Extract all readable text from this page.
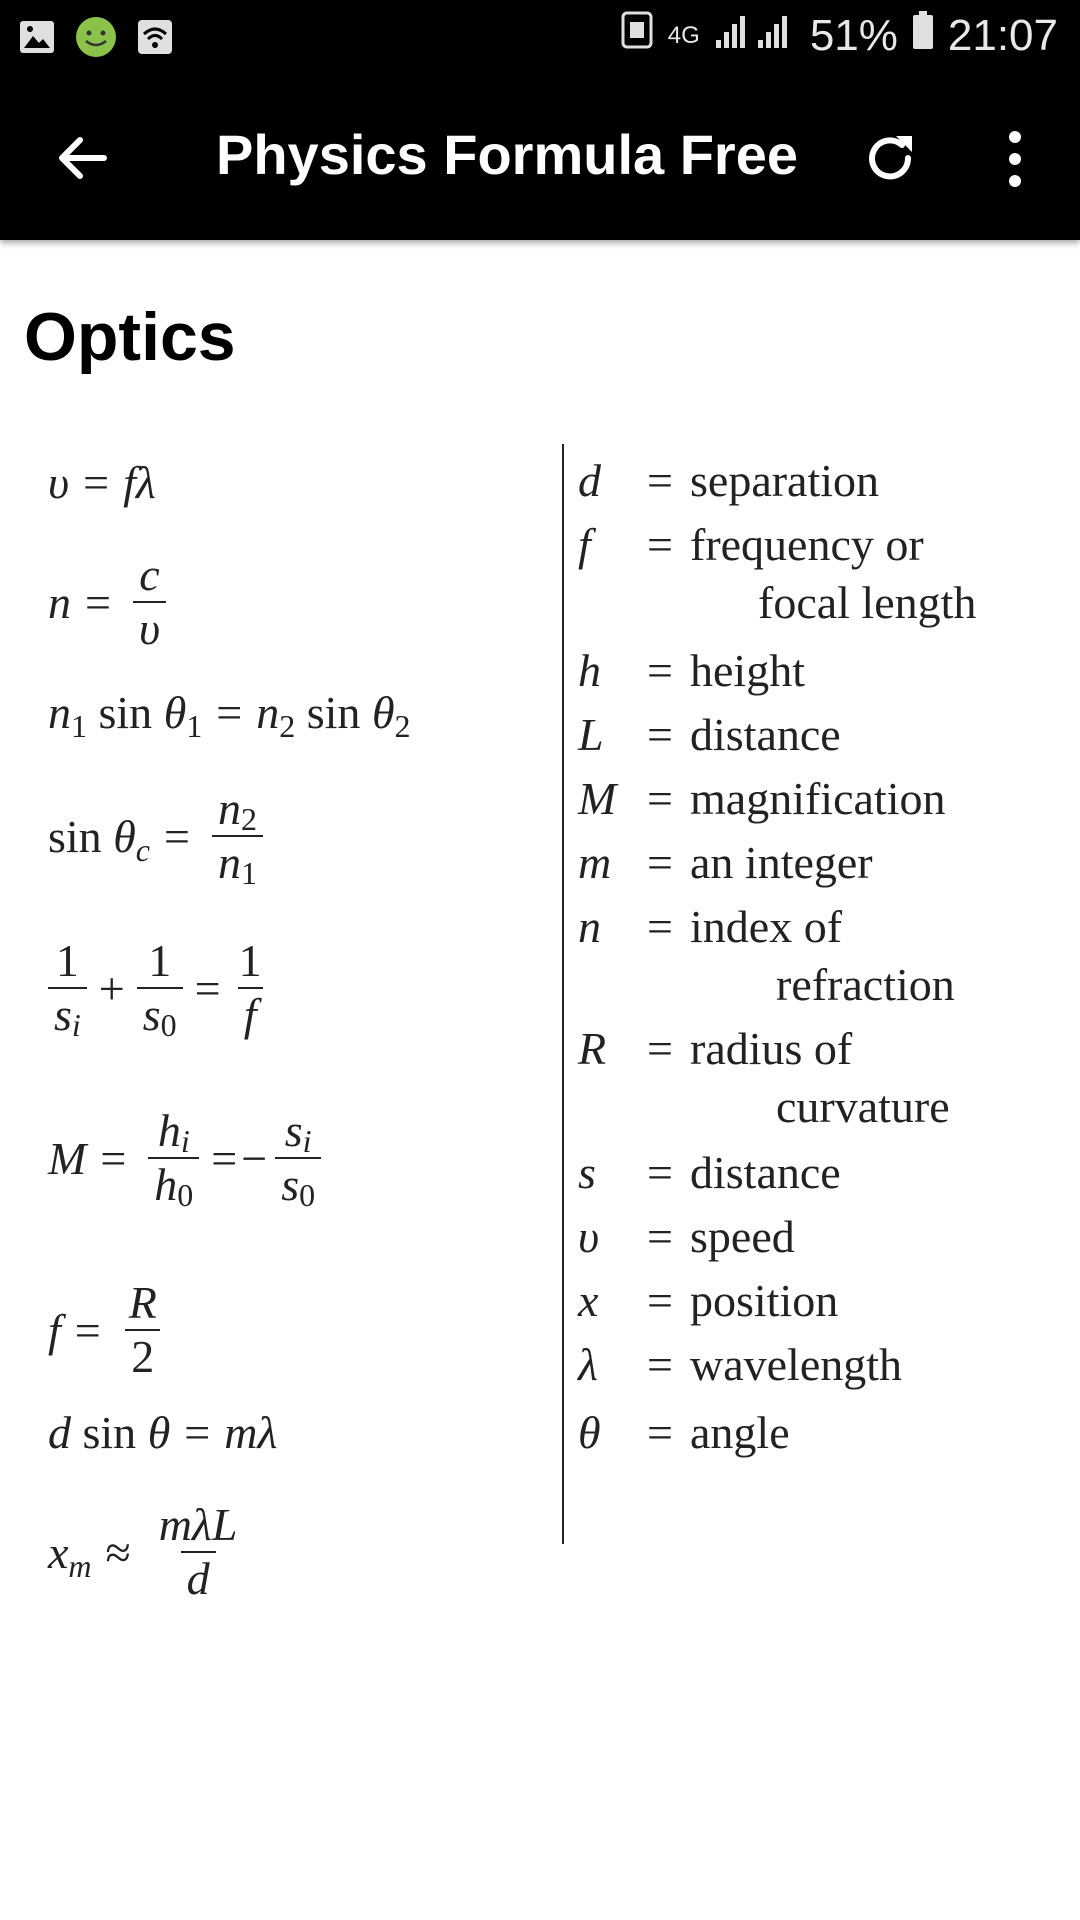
4G	51% 21:07
Physics Formula Free
Optics
υ = fλ
$n = \frac{c}{\upsilon}$
n 1 sin θ 1 = n 2 sin θ 2
sin θ $c = \frac{n2}{n1}$
$\frac{1}{si} + \frac{1}{s0} = \frac{1}{f}$
$M = \frac{hi}{h0}$ = − $\frac{si}{s0}$
$f = \frac{R}{2}$
d sin θ = mλ
x $m \approx \frac{\text{mλL}}{d}$
d	= separation
f	= frequency or
focal length
h	= height
L = distance
M = magnification
m = an integer
n	= index of
refraction
R = radius of
curvature
s	= distance
υ	= speed
x	= position
λ	= wavelength
θ	= angle
